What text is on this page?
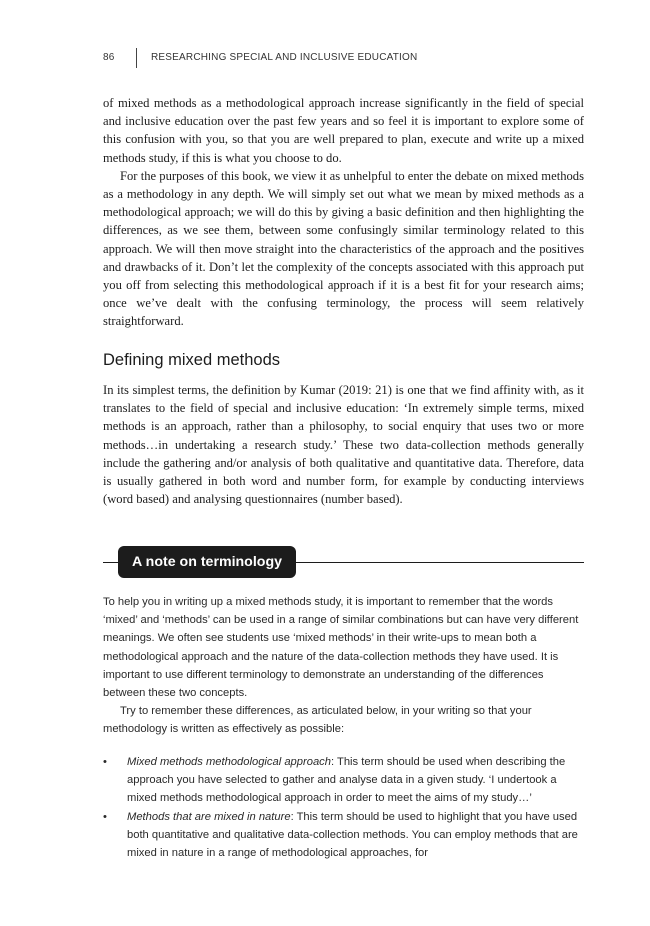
86	RESEARCHING SPECIAL AND INCLUSIVE EDUCATION

of mixed methods as a methodological approach increase significantly in the field of special and inclusive education over the past few years and so feel it is important to explore some of this confusion with you, so that you are well prepared to plan, execute and write up a mixed methods study, if this is what you choose to do.

For the purposes of this book, we view it as unhelpful to enter the debate on mixed methods as a methodology in any depth. We will simply set out what we mean by mixed methods as a methodological approach; we will do this by giving a basic definition and then highlighting the differences, as we see them, between some confusingly similar terminology related to this approach. We will then move straight into the characteristics of the approach and the positives and drawbacks of it. Don’t let the complexity of the concepts associated with this approach put you off from selecting this methodological approach if it is a best fit for your research aims; once we’ve dealt with the confusing terminology, the process will seem relatively straightforward.

Defining mixed methods

In its simplest terms, the definition by Kumar (2019: 21) is one that we find affinity with, as it translates to the field of special and inclusive education: ‘In extremely simple terms, mixed methods is an approach, rather than a philosophy, to social enquiry that uses two or more methods…in undertaking a research study.’ These two data-collection methods generally include the gathering and/or analysis of both qualitative and quantitative data. Therefore, data is usually gathered in both word and number form, for example by conducting interviews (word based) and analysing questionnaires (number based).

A note on terminology

To help you in writing up a mixed methods study, it is important to remember that the words ‘mixed’ and ‘methods’ can be used in a range of similar combinations but can have very different meanings. We often see students use ‘mixed methods’ in their write-ups to mean both a methodological approach and the nature of the data-collection methods they have used. It is important to use different terminology to demonstrate an understanding of the differences between these two concepts.

Try to remember these differences, as articulated below, in your writing so that your methodology is written as effectively as possible:

• Mixed methods methodological approach: This term should be used when describing the approach you have selected to gather and analyse data in a given study. ‘I undertook a mixed methods methodological approach in order to meet the aims of my study…’
• Methods that are mixed in nature: This term should be used to highlight that you have used both quantitative and qualitative data-collection methods. You can employ methods that are mixed in nature in a range of methodological approaches, for
